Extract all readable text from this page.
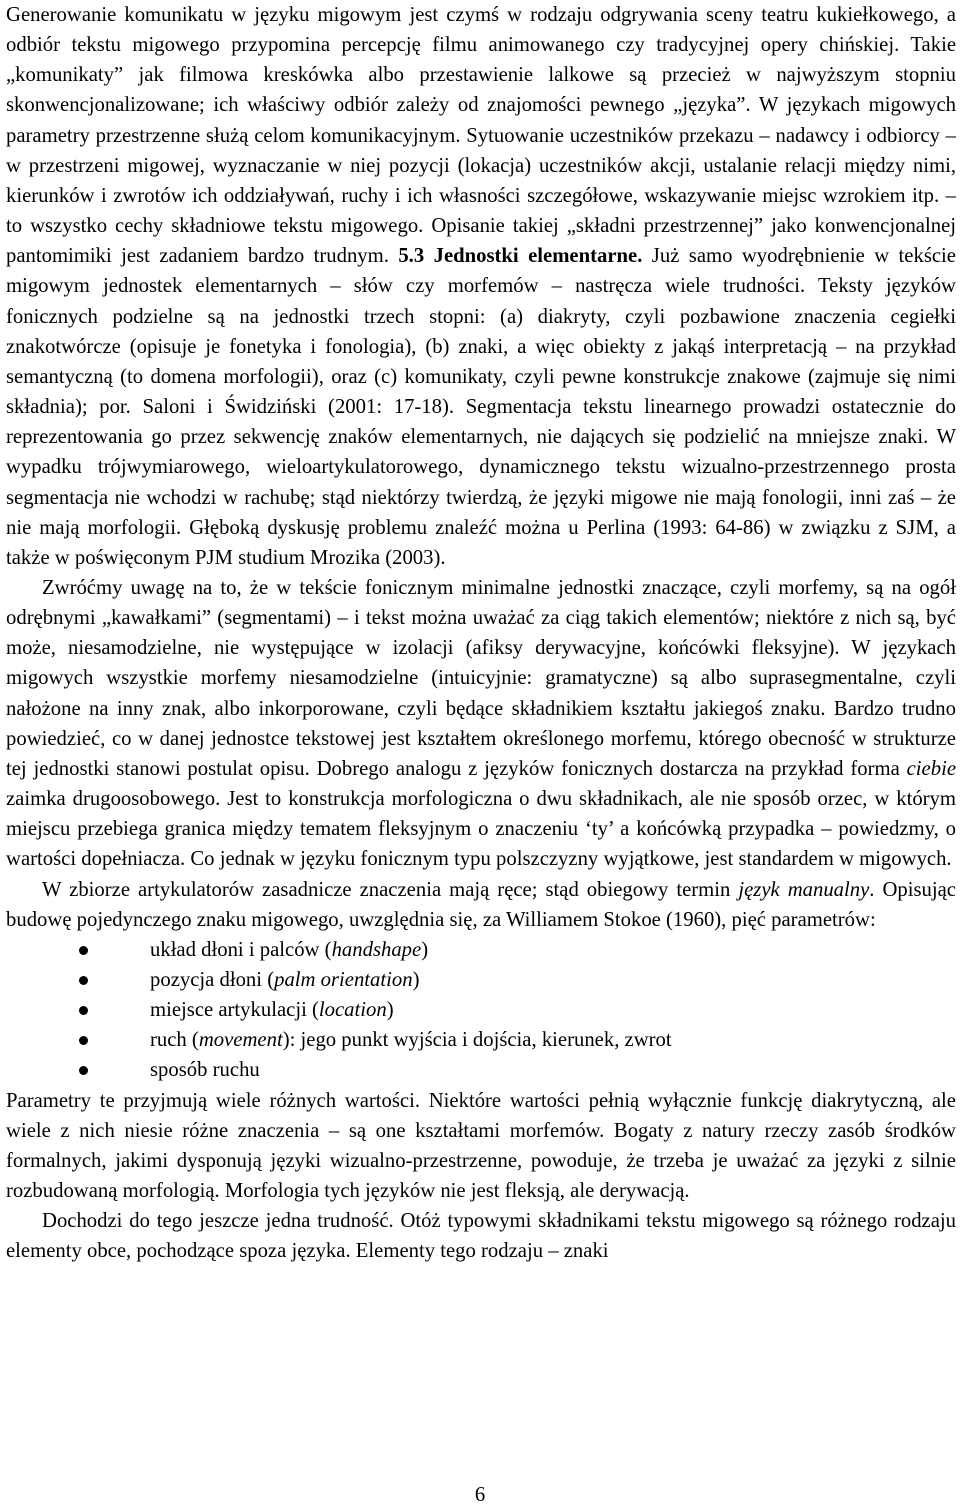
Generowanie komunikatu w języku migowym jest czymś w rodzaju odgrywania sceny teatru kukiełkowego, a odbiór tekstu migowego przypomina percepcję filmu animowanego czy tradycyjnej opery chińskiej. Takie „komunikaty” jak filmowa kreskówka albo przestawienie lalkowe są przecież w najwyższym stopniu skonwencjonalizowane; ich właściwy odbiór zależy od znajomości pewnego „języka”. W językach migowych parametry przestrzenne służą celom komunikacyjnym. Sytuowanie uczestników przekazu – nadawcy i odbiorcy – w przestrzeni migowej, wyznaczanie w niej pozycji (lokacja) uczestników akcji, ustalanie relacji między nimi, kierunków i zwrotów ich oddziaływań, ruchy i ich własności szczegółowe, wskazywanie miejsc wzrokiem itp. – to wszystko cechy składniowe tekstu migowego. Opisanie takiej „składni przestrzennej” jako konwencjonalnej pantomimiki jest zadaniem bardzo trudnym. 5.3 Jednostki elementarne. Już samo wyodrębnienie w tekście migowym jednostek elementarnych – słów czy morfemów – nastręcza wiele trudności. Teksty języków fonicznych podzielne są na jednostki trzech stopni: (a) diakryty, czyli pozbawione znaczenia cegiełki znakotwórcze (opisuje je fonetyka i fonologia), (b) znaki, a więc obiekty z jakąś interpretacją – na przykład semantyczną (to domena morfologii), oraz (c) komunikaty, czyli pewne konstrukcje znakowe (zajmuje się nimi składnia); por. Saloni i Świdziński (2001: 17-18). Segmentacja tekstu linearnego prowadzi ostatecznie do reprezentowania go przez sekwencję znaków elementarnych, nie dających się podzielić na mniejsze znaki. W wypadku trójwymiarowego, wieloartykulatorowego, dynamicznego tekstu wizualno-przestrzennego prosta segmentacja nie wchodzi w rachubę; stąd niektórzy twierdzą, że języki migowe nie mają fonologii, inni zaś – że nie mają morfologii. Głęboką dyskusję problemu znaleźć można u Perlina (1993: 64-86) w związku z SJM, a także w poświęconym PJM studium Mrozika (2003).

Zwróćmy uwagę na to, że w tekście fonicznym minimalne jednostki znaczące, czyli morfemy, są na ogół odrębnymi „kawałkami” (segmentami) – i tekst można uważać za ciąg takich elementów; niektóre z nich są, być może, niesamodzielne, nie występujące w izolacji (afiksy derywacyjne, końcówki fleksyjne). W językach migowych wszystkie morfemy niesamodzielne (intuicyjnie: gramatyczne) są albo suprasegmentalne, czyli nałożone na inny znak, albo inkorporowane, czyli będące składnikiem kształtu jakiegoś znaku. Bardzo trudno powiedzieć, co w danej jednostce tekstowej jest kształtem określonego morfemu, którego obecność w strukturze tej jednostki stanowi postulat opisu. Dobrego analogu z języków fonicznych dostarcza na przykład forma ciebie zaimka drugoosobowego. Jest to konstrukcja morfologiczna o dwu składnikach, ale nie sposób orzec, w którym miejscu przebiega granica między tematem fleksyjnym o znaczeniu ‘ty’ a końcówką przypadka – powiedzmy, o wartości dopełniacza. Co jednak w języku fonicznym typu polszczyzny wyjątkowe, jest standardem w migowych.

W zbiorze artykulatorów zasadnicze znaczenia mają ręce; stąd obiegowy termin język manualny. Opisując budowę pojedynczego znaku migowego, uwzględnia się, za Williamem Stokoe (1960), pięć parametrów:

układ dłoni i palców (handshape)
pozycja dłoni (palm orientation)
miejsce artykulacji (location)
ruch (movement): jego punkt wyjścia i dojścia, kierunek, zwrot
sposób ruchu

Parametry te przyjmują wiele różnych wartości. Niektóre wartości pełnią wyłącznie funkcję diakrytyczną, ale wiele z nich niesie różne znaczenia – są one kształtami morfemów. Bogaty z natury rzeczy zasób środków formalnych, jakimi dysponują języki wizualno-przestrzenne, powoduje, że trzeba je uważać za języki z silnie rozbudowaną morfologią. Morfologia tych języków nie jest fleksją, ale derywacją.

Dochodzi do tego jeszcze jedna trudność. Otóż typowymi składnikami tekstu migowego są różnego rodzaju elementy obce, pochodzące spoza języka. Elementy tego rodzaju – znaki

6
